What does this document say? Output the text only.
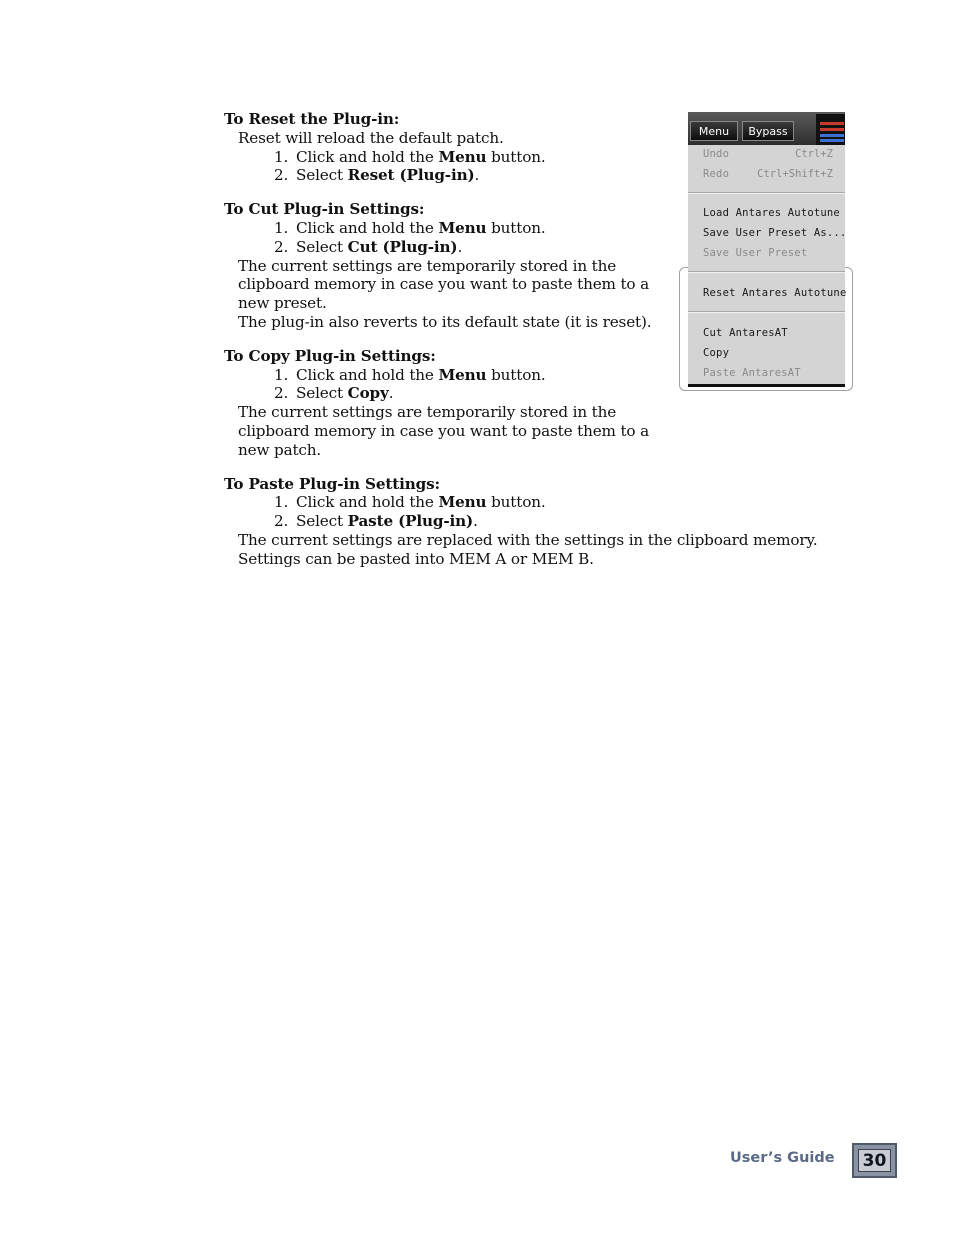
To Reset the Plug-in:

Reset will reload the default patch.

1. Click and hold the Menu button.
2. Select Reset (Plug-in).

To Cut Plug-in Settings:

1. Click and hold the Menu button.
2. Select Cut (Plug-in).

The current settings are temporarily stored in the clipboard memory in case you want to paste them to a new preset.

The plug-in also reverts to its default state (it is reset).

To Copy Plug-in Settings:

1. Click and hold the Menu button.
2. Select Copy.

The current settings are temporarily stored in the clipboard memory in case you want to paste them to a new patch.

To Paste Plug-in Settings:

1. Click and hold the Menu button.
2. Select Paste (Plug-in).

The current settings are replaced with the settings in the clipboard memory. Settings can be pasted into MEM A or MEM B.

Menu	Bypass
Undo	Ctrl+Z
Redo	Ctrl+Shift+Z
Load Antares Autotune
Save User Preset As...
Save User Preset
Reset Antares Autotune
Cut AntaresAT
Copy
Paste AntaresAT
User’s Guide 30
